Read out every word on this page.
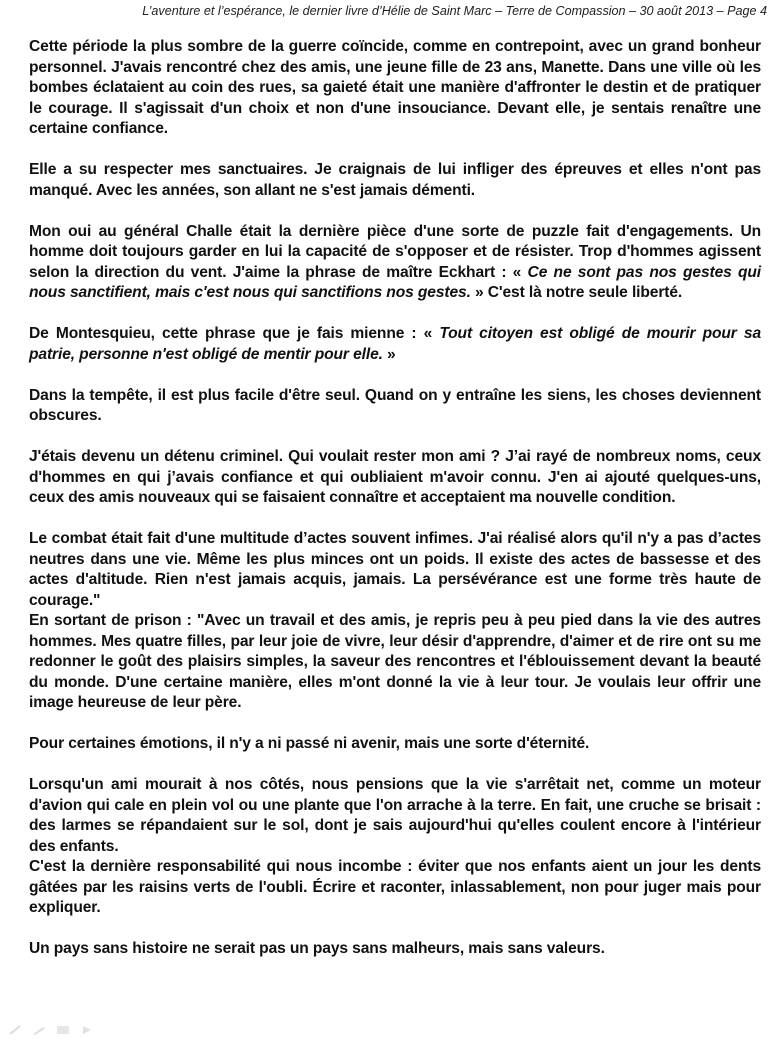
L’aventure et l’espérance, le dernier livre d’Hélie de Saint Marc – Terre de Compassion – 30 août 2013 – Page 4

Cette période la plus sombre de la guerre coïncide, comme en contrepoint, avec un grand bonheur personnel. J'avais rencontré chez des amis, une jeune fille de 23 ans, Manette. Dans une ville où les bombes éclataient au coin des rues, sa gaieté était une manière d'affronter le destin et de pratiquer le courage. Il s'agissait d'un choix et non d'une insouciance. Devant elle, je sentais renaître une certaine confiance.

Elle a su respecter mes sanctuaires. Je craignais de lui infliger des épreuves et elles n'ont pas manqué. Avec les années, son allant ne s'est jamais démenti.

Mon oui au général Challe était la dernière pièce d'une sorte de puzzle fait d'engagements. Un homme doit toujours garder en lui la capacité de s'opposer et de résister. Trop d'hommes agissent selon la direction du vent. J'aime la phrase de maître Eckhart : « Ce ne sont pas nos gestes qui nous sanctifient, mais c'est nous qui sanctifions nos gestes. » C'est là notre seule liberté.

De Montesquieu, cette phrase que je fais mienne : « Tout citoyen est obligé de mourir pour sa patrie, personne n'est obligé de mentir pour elle. »

Dans la tempête, il est plus facile d'être seul. Quand on y entraîne les siens, les choses deviennent obscures.

J'étais devenu un détenu criminel. Qui voulait rester mon ami ? J’ai rayé de nombreux noms, ceux d'hommes en qui j’avais confiance et qui oubliaient m'avoir connu. J'en ai ajouté quelques-uns, ceux des amis nouveaux qui se faisaient connaître et acceptaient ma nouvelle condition.

Le combat était fait d'une multitude d’actes souvent infimes. J'ai réalisé alors qu'il n'y a pas d’actes neutres dans une vie. Même les plus minces ont un poids. Il existe des actes de bassesse et des actes d'altitude. Rien n'est jamais acquis, jamais. La persévérance est une forme très haute de courage."

En sortant de prison : "Avec un travail et des amis, je repris peu à peu pied dans la vie des autres hommes. Mes quatre filles, par leur joie de vivre, leur désir d'apprendre, d'aimer et de rire ont su me redonner le goût des plaisirs simples, la saveur des rencontres et l'éblouissement devant la beauté du monde. D'une certaine manière, elles m'ont donné la vie à leur tour. Je voulais leur offrir une image heureuse de leur père.

Pour certaines émotions, il n'y a ni passé ni avenir, mais une sorte d'éternité.

Lorsqu'un ami mourait à nos côtés, nous pensions que la vie s'arrêtait net, comme un moteur d'avion qui cale en plein vol ou une plante que l'on arrache à la terre. En fait, une cruche se brisait : des larmes se répandaient sur le sol, dont je sais aujourd'hui qu'elles coulent encore à l'intérieur des enfants.

C'est la dernière responsabilité qui nous incombe : éviter que nos enfants aient un jour les dents gâtées par les raisins verts de l'oubli. Écrire et raconter, inlassablement, non pour juger mais pour expliquer.

Un pays sans histoire ne serait pas un pays sans malheurs, mais sans valeurs.
